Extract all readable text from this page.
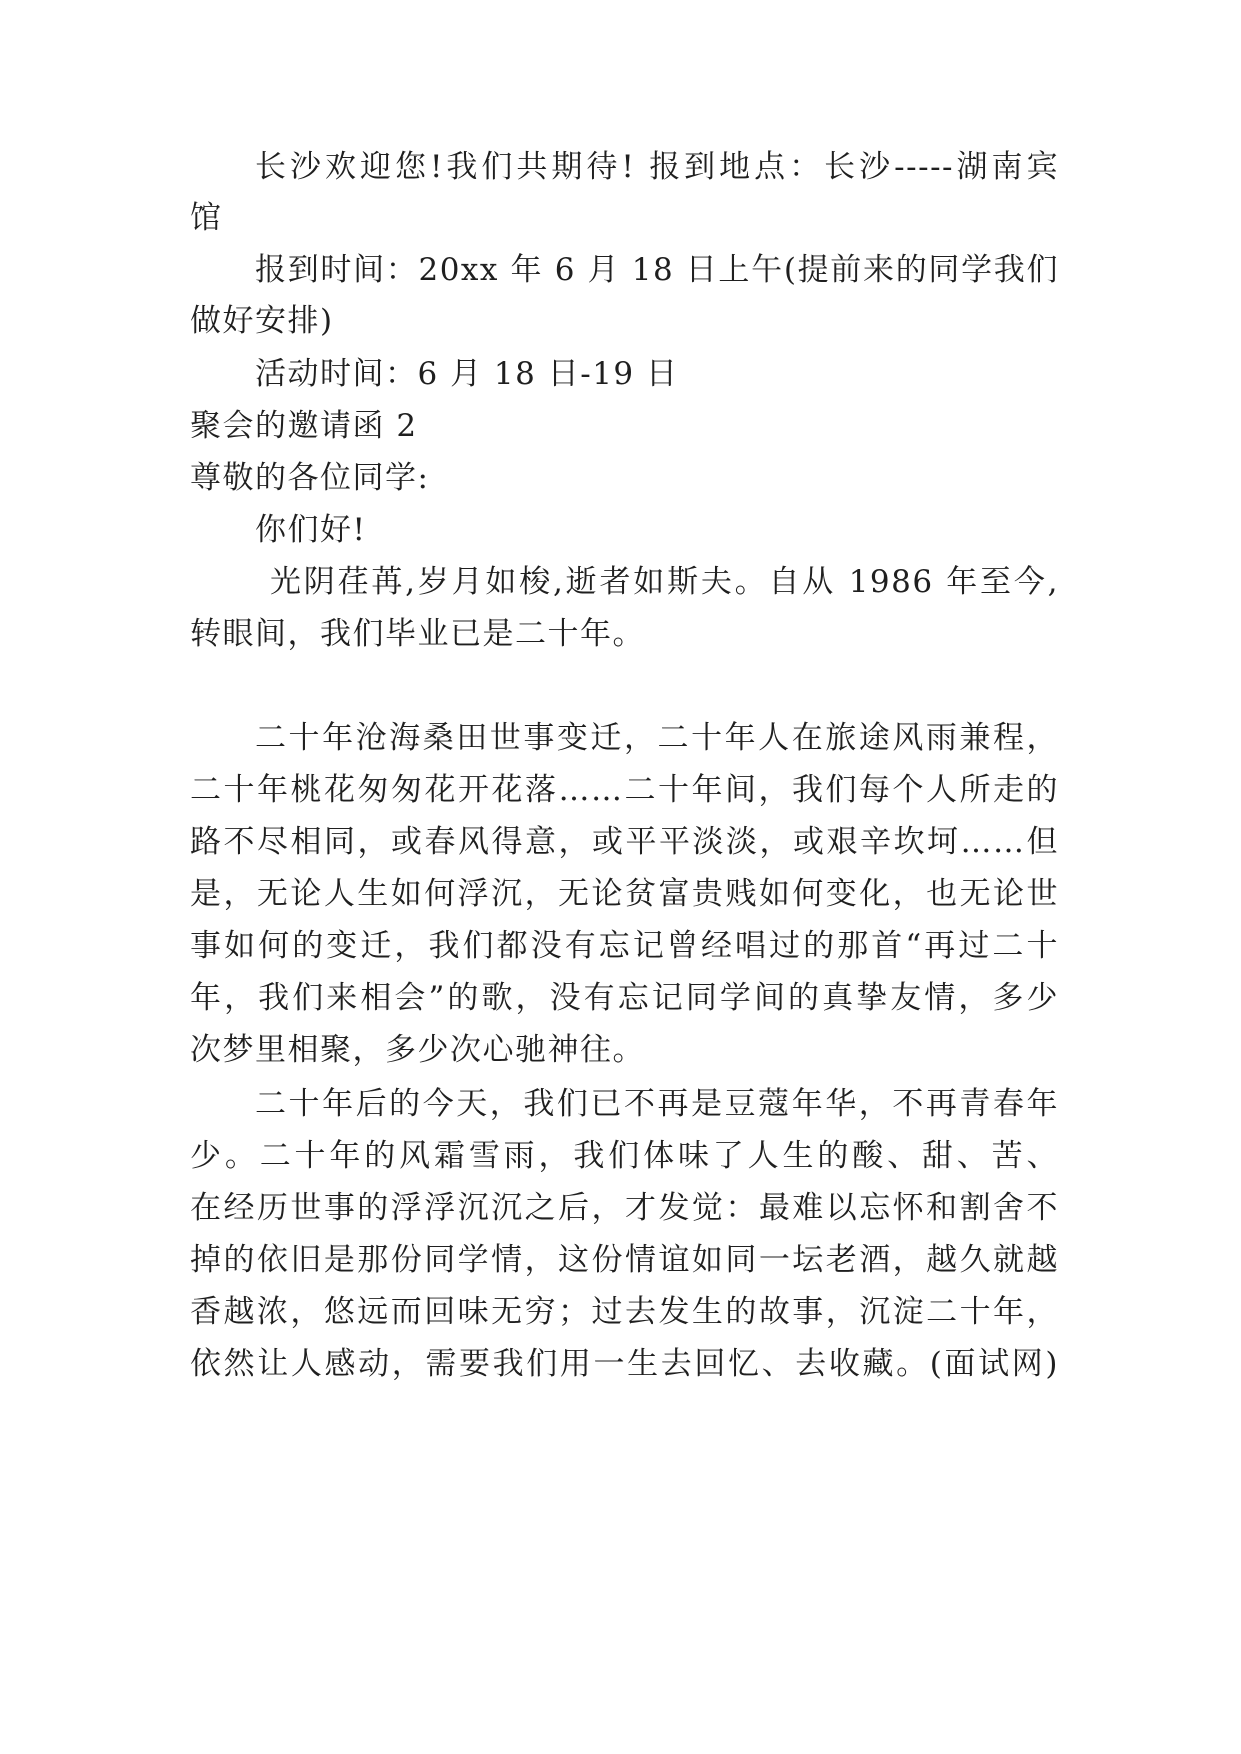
长沙欢迎您!我们共期待! 报到地点：长沙-----湖南宾
馆
报到时间：20xx 年 6 月 18 日上午(提前来的同学我们
做好安排)
活动时间：6 月 18 日-19 日
聚会的邀请函 2
尊敬的各位同学:
你们好!
光阴荏苒,岁月如梭,逝者如斯夫。自从 1986 年至今,
转眼间，我们毕业已是二十年。
二十年沧海桑田世事变迁，二十年人在旅途风雨兼程，
二十年桃花匆匆花开花落……二十年间，我们每个人所走的
路不尽相同，或春风得意，或平平淡淡，或艰辛坎坷……但
是，无论人生如何浮沉，无论贫富贵贱如何变化，也无论世
事如何的变迁，我们都没有忘记曾经唱过的那首“再过二十
年，我们来相会”的歌，没有忘记同学间的真挚友情，多少
次梦里相聚，多少次心驰神往。
二十年后的今天，我们已不再是豆蔻年华，不再青春年
少。二十年的风霜雪雨，我们体味了人生的酸、甜、苦、
在经历世事的浮浮沉沉之后，才发觉：最难以忘怀和割舍不
掉的依旧是那份同学情，这份情谊如同一坛老酒，越久就越
香越浓，悠远而回味无穷；过去发生的故事，沉淀二十年，
依然让人感动，需要我们用一生去回忆、去收藏。(面试网)
